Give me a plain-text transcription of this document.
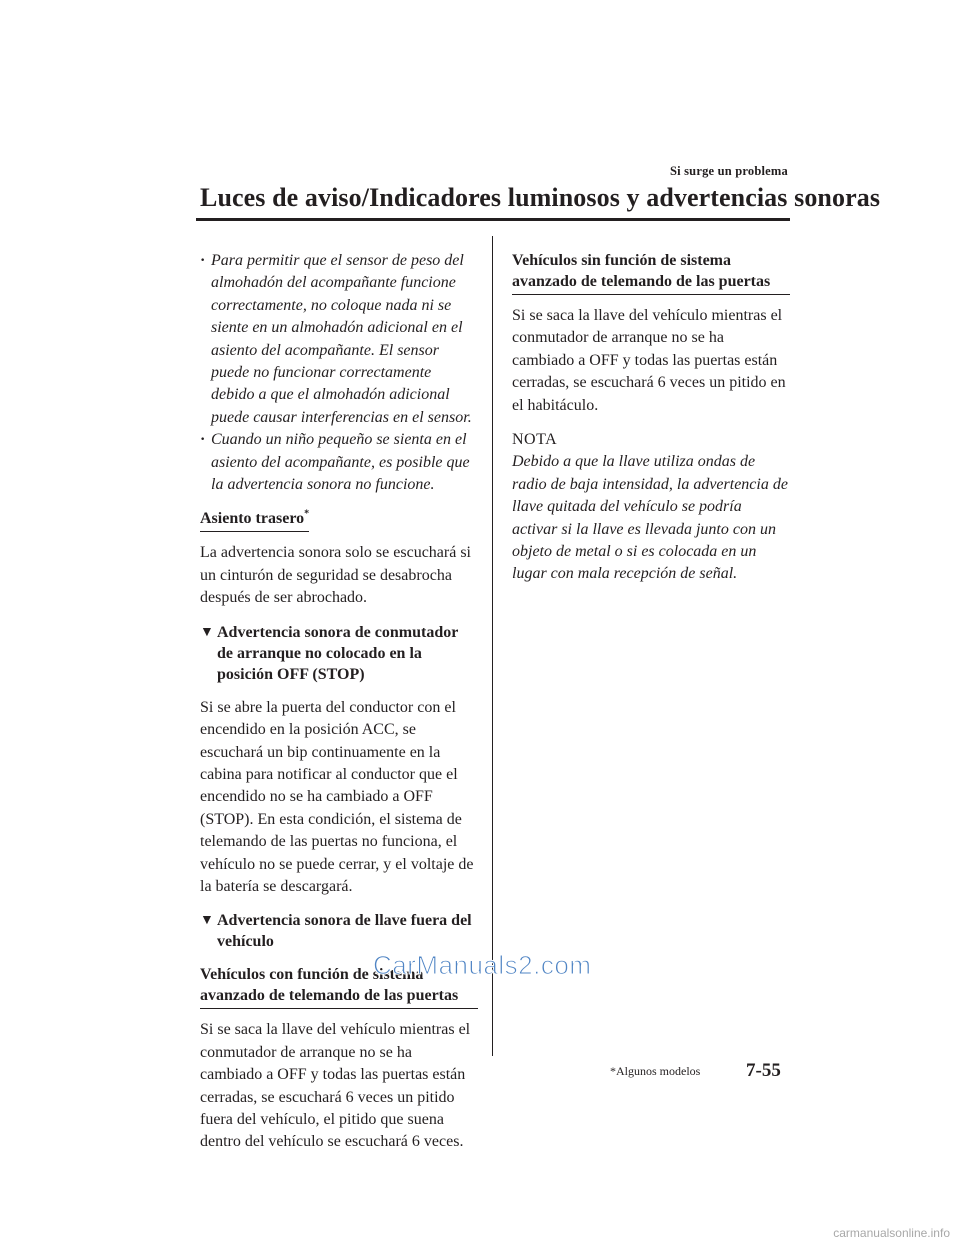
Si surge un problema
Luces de aviso/Indicadores luminosos y advertencias sonoras
· Para permitir que el sensor de peso del almohadón del acompañante funcione correctamente, no coloque nada ni se siente en un almohadón adicional en el asiento del acompañante. El sensor puede no funcionar correctamente debido a que el almohadón adicional puede causar interferencias en el sensor.
· Cuando un niño pequeño se sienta en el asiento del acompañante, es posible que la advertencia sonora no funcione.
Asiento trasero*

La advertencia sonora solo se escuchará si un cinturón de seguridad se desabrocha después de ser abrochado.

▼ Advertencia sonora de conmutador de arranque no colocado en la posición OFF (STOP)

Si se abre la puerta del conductor con el encendido en la posición ACC, se escuchará un bip continuamente en la cabina para notificar al conductor que el encendido no se ha cambiado a OFF (STOP). En esta condición, el sistema de telemando de las puertas no funciona, el vehículo no se puede cerrar, y el voltaje de la batería se descargará.

▼ Advertencia sonora de llave fuera del vehículo
Vehículos con función de sistema avanzado de telemando de las puertas

Si se saca la llave del vehículo mientras el conmutador de arranque no se ha cambiado a OFF y todas las puertas están cerradas, se escuchará 6 veces un pitido fuera del vehículo, el pitido que suena dentro del vehículo se escuchará 6 veces.

Vehículos sin función de sistema avanzado de telemando de las puertas

Si se saca la llave del vehículo mientras el conmutador de arranque no se ha cambiado a OFF y todas las puertas están cerradas, se escuchará 6 veces un pitido en el habitáculo.

NOTA

Debido a que la llave utiliza ondas de radio de baja intensidad, la advertencia de llave quitada del vehículo se podría activar si la llave es llevada junto con un objeto de metal o si es colocada en un lugar con mala recepción de señal.

CarManuals2.com
*Algunos modelos 7-55
carmanualsonline.info
